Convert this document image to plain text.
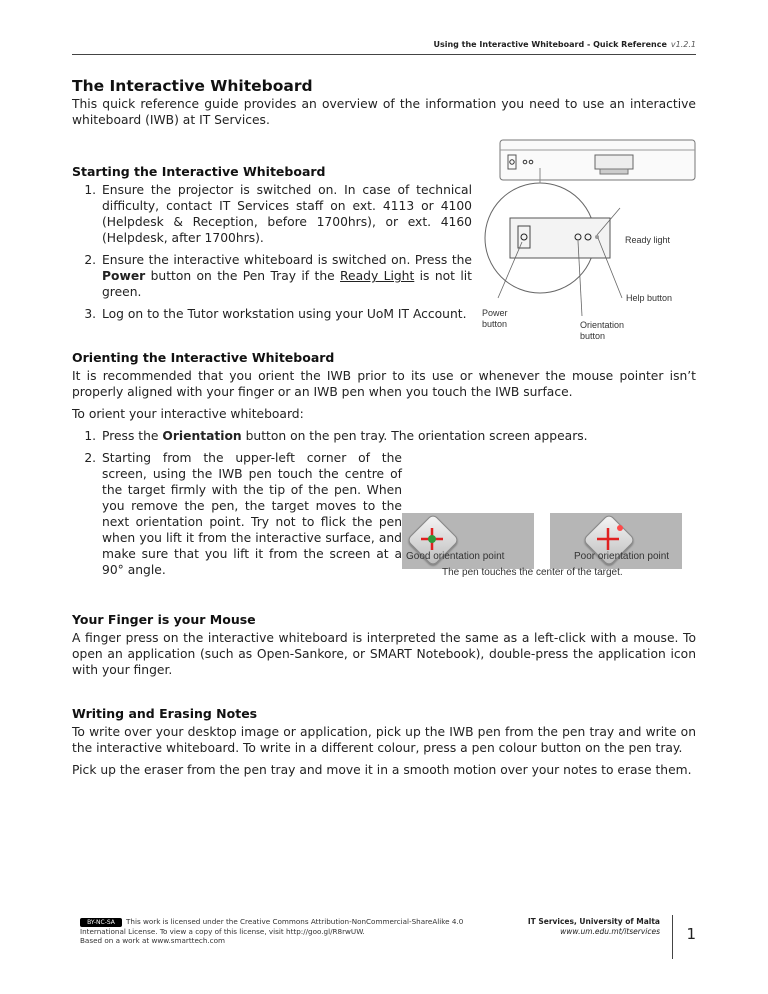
Using the Interactive Whiteboard - Quick Reference v1.2.1
The Interactive Whiteboard

This quick reference guide provides an overview of the information you need to use an interactive whiteboard (IWB) at IT Services.

Starting the Interactive Whiteboard
1. Ensure the projector is switched on. In case of technical difficulty, contact IT Services staff on ext. 4113 or 4100 (Helpdesk & Reception, before 1700hrs), or ext. 4160 (Helpdesk, after 1700hrs).
2. Ensure the interactive whiteboard is switched on. Press the Power button on the Pen Tray if the Ready Light is not lit green.
3. Log on to the Tutor workstation using your UoM IT Account.
Orienting the Interactive Whiteboard

It is recommended that you orient the IWB prior to its use or whenever the mouse pointer isn’t properly aligned with your finger or an IWB pen when you touch the IWB surface.

To orient your interactive whiteboard:

1. Press the Orientation button on the pen tray. The orientation screen appears.
2. Starting from the upper-left corner of the screen, using the IWB pen touch the centre of the target firmly with the tip of the pen. When you remove the pen, the target moves to the next orientation point. Try not to flick the pen when you lift it from the interactive surface, and make sure that you lift it from the screen at a 90° angle.
Your Finger is your Mouse

A finger press on the interactive whiteboard is interpreted the same as a left-click with a mouse. To open an application (such as Open-Sankore, or SMART Notebook), double-press the application icon with your finger.

Writing and Erasing Notes

To write over your desktop image or application, pick up the IWB pen from the pen tray and write on the interactive whiteboard. To write in a different colour, press a pen colour button on the pen tray.

Pick up the eraser from the pen tray and move it in a smooth motion over your notes to erase them.

Ready light
Help button
Power button	Orientation button
Good orientation point	Poor orientation point
The pen touches the center of the target.
BY-NC-SA This work is licensed under the Creative Commons Attribution-NonCommercial-ShareAlike 4.0
International License. To view a copy of this license, visit http://goo.gl/R8rwUW.
Based on a work at www.smarttech.com
IT Services, University of Malta
www.um.edu.mt/itservices	1
